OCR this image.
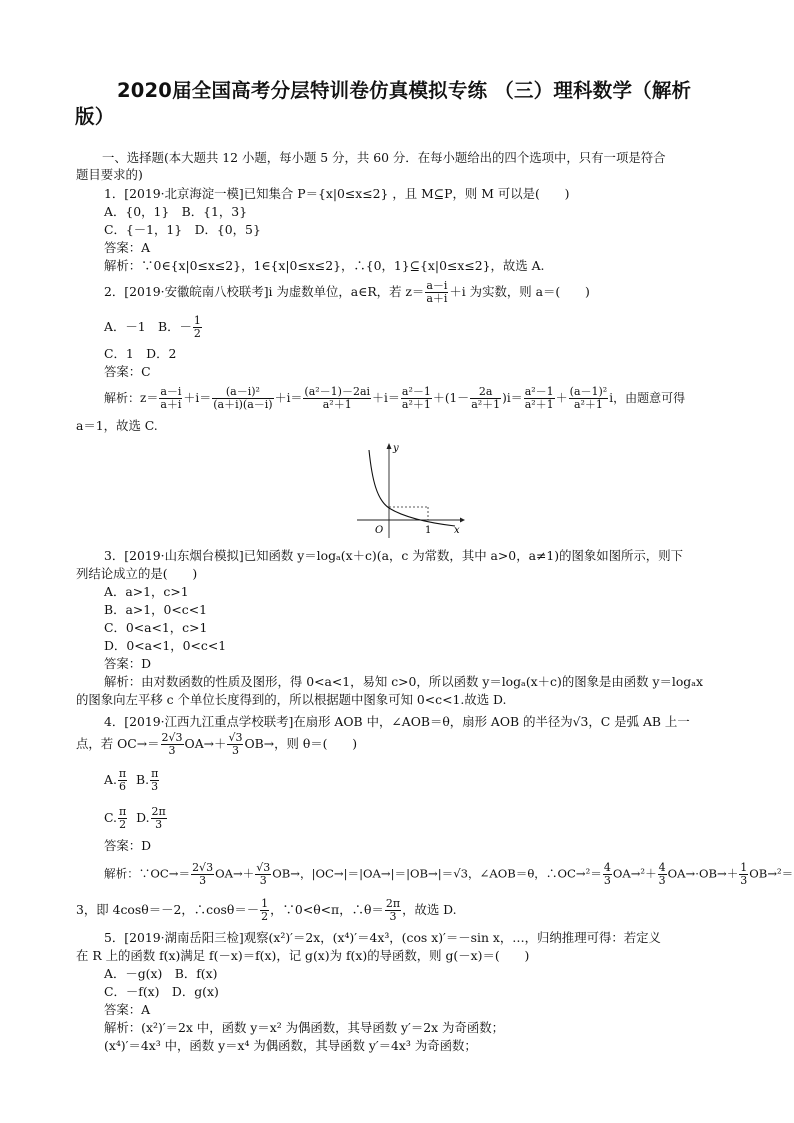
2020届全国高考分层特训卷仿真模拟专练 （三）理科数学（解析
版）
一、选择题(本大题共 12 小题，每小题 5 分，共 60 分．在每小题给出的四个选项中，只有一项是符合
题目要求的)
1．[2019·北京海淀一模]已知集合 P＝{x|0≤x≤2} ，且 M⊆P，则 M 可以是(　　)
A．{0，1}　B．{1，3}
C．{－1，1}　D．{0，5}
答案：A
解析：∵0∈{x|0≤x≤2}，1∈{x|0≤x≤2}，∴{0，1}⊆{x|0≤x≤2}，故选 A.
2．[2019·安徽皖南八校联考]i 为虚数单位，a∈R，若 $z= \frac{a-i}{a+i} +i$ 为实数，则 a＝(　　)
A．－1　B．－ $\frac{1}{2}$
C．1　D．2
答案：C
解析：$z= \frac{a-i}{a+i} +i= \frac{\text{(a－i)²}}{(a+i)(a-i)} +i= \frac{\text{(a²－1)－2ai}}{\text{a²＋1}} +i= \frac{\text{a²－1}}{\text{a²＋1}} +(1- \frac{2a}{\text{a²＋1}} )i= \frac{\text{a²－1}}{\text{a²＋1}} + \frac{\text{(a－1)²}}{\text{a²＋1}}$ i，由题意可得
a＝1，故选 C.
y
x
O	1
3．[2019·山东烟台模拟]已知函数 y＝logₐ(x＋c)(a，c 为常数，其中 a>0，a≠1)的图象如图所示，则下
列结论成立的是(　　)
A．a>1，c>1
B．a>1，0<c<1
C．0<a<1，c>1
D．0<a<1，0<c<1
答案：D
解析：由对数函数的性质及图形，得 0<a<1，易知 c>0，所以函数 y＝logₐ(x＋c)的图象是由函数 y＝logₐx
的图象向左平移 c 个单位长度得到的，所以根据题中图象可知 0<c<1.故选 D.
4．[2019·江西九江重点学校联考]在扇形 AOB 中，∠AOB＝θ，扇形 AOB 的半径为√3，C 是弧 AB 上一
点，若 $OC\to= \frac{2√3}{3} OA\to+ \frac{√3}{3} OB\to$，则 θ＝(　　)
A. $\frac{\pi}{6} B$. $\frac{\pi}{3}$
C. $\frac{\pi}{2} D$. $\frac{2\pi}{3}$
答案：D
解析：∵OC→＝ $\frac{2√3}{3} OA\to+ \frac{√3}{3} OB\to$，|OC→|＝|OA→|＝|OB→|＝√3，∠AOB＝θ，∴OC→²＝ $\frac{4}{3} OA\to^2+ \frac{4}{3} OA\to\cdot OB\to+ \frac{1}{3} OB\to^2=$
3，即 4cosθ＝－2，∴cosθ＝－ $\frac{1}{2}$ ，∵0<θ<π，∴θ＝ $\frac{2\pi}{3}$ ，故选 D.
5．[2019·湖南岳阳三检]观察(x²)′＝2x，(x⁴)′＝4x³，(cos x)′＝－sin x，…，归纳推理可得：若定义
在 R 上的函数 f(x)满足 f(－x)＝f(x)，记 g(x)为 f(x)的导函数，则 g(－x)＝(　　)
A．－g(x)　B．f(x)
C．－f(x)　D．g(x)
答案：A
解析：(x²)′＝2x 中，函数 y＝x² 为偶函数，其导函数 y′＝2x 为奇函数；
(x⁴)′＝4x³ 中，函数 y＝x⁴ 为偶函数，其导函数 y′＝4x³ 为奇函数；
